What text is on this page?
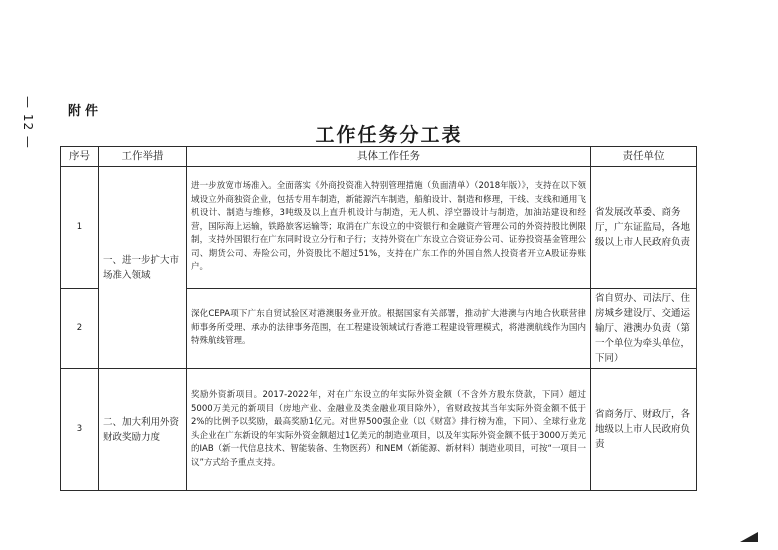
— 12 —	附件
工作任务分工表
序号	工作举措	具体工作任务	责任单位
1	一、进一步扩大市场准入领域	进一步放宽市场准入。全面落实《外商投资准入特别管理措施（负面清单）（2018年版）》，支持在以下领域设立外商独资企业，包括专用车制造，新能源汽车制造，船舶设计、制造和修理，干线、支线和通用飞机设计、制造与维修，3吨级及以上直升机设计与制造，无人机、浮空器设计与制造，加油站建设和经营，国际海上运输，铁路旅客运输等；取消在广东设立的中资银行和金融资产管理公司的外资持股比例限制，支持外国银行在广东同时设立分行和子行；支持外资在广东设立合资证券公司、证券投资基金管理公司、期货公司、寿险公司，外资股比不超过51%，支持在广东工作的外国自然人投资者开立A股证券账户。	省发展改革委、商务厅，广东证监局，各地级以上市人民政府负责
2		深化CEPA项下广东自贸试验区对港澳服务业开放。根据国家有关部署，推动扩大港澳与内地合伙联营律师事务所受理、承办的法律事务范围，在工程建设领域试行香港工程建设管理模式，将港澳航线作为国内特殊航线管理。	省自贸办、司法厅、住房城乡建设厅、交通运输厅、港澳办负责（第一个单位为牵头单位，下同）
3	二、加大利用外资财政奖励力度	奖励外资新项目。2017-2022年，对在广东设立的年实际外资金额（不含外方股东贷款，下同）超过5000万美元的新项目（房地产业、金融业及类金融业项目除外），省财政按其当年实际外资金额不低于2%的比例予以奖励，最高奖励1亿元。对世界500强企业（以《财富》排行榜为准，下同）、全球行业龙头企业在广东新设的年实际外资金额超过1亿美元的制造业项目，以及年实际外资金额不低于3000万美元的IAB（新一代信息技术、智能装备、生物医药）和NEM（新能源、新材料）制造业项目，可按“一项目一议”方式给予重点支持。	省商务厅、财政厅，各地级以上市人民政府负责
